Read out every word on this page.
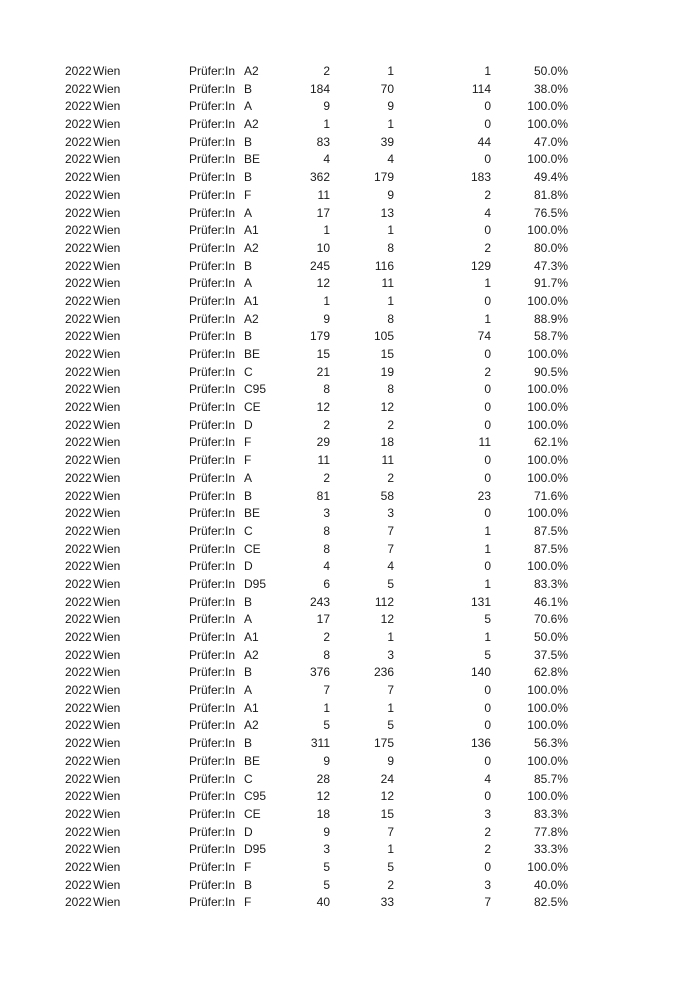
2022 Wien	Prüfer:In A2	2	1	1	50.0%
2022 Wien	Prüfer:In B	184	70	114	38.0%
2022 Wien	Prüfer:In A	9	9	0	100.0%
2022 Wien	Prüfer:In A2	1	1	0	100.0%
2022 Wien	Prüfer:In B	83	39	44	47.0%
2022 Wien	Prüfer:In BE	4	4	0	100.0%
2022 Wien	Prüfer:In B	362	179	183	49.4%
2022 Wien	Prüfer:In F	11	9	2	81.8%
2022 Wien	Prüfer:In A	17	13	4	76.5%
2022 Wien	Prüfer:In A1	1	1	0	100.0%
2022 Wien	Prüfer:In A2	10	8	2	80.0%
2022 Wien	Prüfer:In B	245	116	129	47.3%
2022 Wien	Prüfer:In A	12	11	1	91.7%
2022 Wien	Prüfer:In A1	1	1	0	100.0%
2022 Wien	Prüfer:In A2	9	8	1	88.9%
2022 Wien	Prüfer:In B	179	105	74	58.7%
2022 Wien	Prüfer:In BE	15	15	0	100.0%
2022 Wien	Prüfer:In C	21	19	2	90.5%
2022 Wien	Prüfer:In C95	8	8	0	100.0%
2022 Wien	Prüfer:In CE	12	12	0	100.0%
2022 Wien	Prüfer:In D	2	2	0	100.0%
2022 Wien	Prüfer:In F	29	18	11	62.1%
2022 Wien	Prüfer:In F	11	11	0	100.0%
2022 Wien	Prüfer:In A	2	2	0	100.0%
2022 Wien	Prüfer:In B	81	58	23	71.6%
2022 Wien	Prüfer:In BE	3	3	0	100.0%
2022 Wien	Prüfer:In C	8	7	1	87.5%
2022 Wien	Prüfer:In CE	8	7	1	87.5%
2022 Wien	Prüfer:In D	4	4	0	100.0%
2022 Wien	Prüfer:In D95	6	5	1	83.3%
2022 Wien	Prüfer:In B	243	112	131	46.1%
2022 Wien	Prüfer:In A	17	12	5	70.6%
2022 Wien	Prüfer:In A1	2	1	1	50.0%
2022 Wien	Prüfer:In A2	8	3	5	37.5%
2022 Wien	Prüfer:In B	376	236	140	62.8%
2022 Wien	Prüfer:In A	7	7	0	100.0%
2022 Wien	Prüfer:In A1	1	1	0	100.0%
2022 Wien	Prüfer:In A2	5	5	0	100.0%
2022 Wien	Prüfer:In B	311	175	136	56.3%
2022 Wien	Prüfer:In BE	9	9	0	100.0%
2022 Wien	Prüfer:In C	28	24	4	85.7%
2022 Wien	Prüfer:In C95	12	12	0	100.0%
2022 Wien	Prüfer:In CE	18	15	3	83.3%
2022 Wien	Prüfer:In D	9	7	2	77.8%
2022 Wien	Prüfer:In D95	3	1	2	33.3%
2022 Wien	Prüfer:In F	5	5	0	100.0%
2022 Wien	Prüfer:In B	5	2	3	40.0%
2022 Wien	Prüfer:In F	40	33	7	82.5%
